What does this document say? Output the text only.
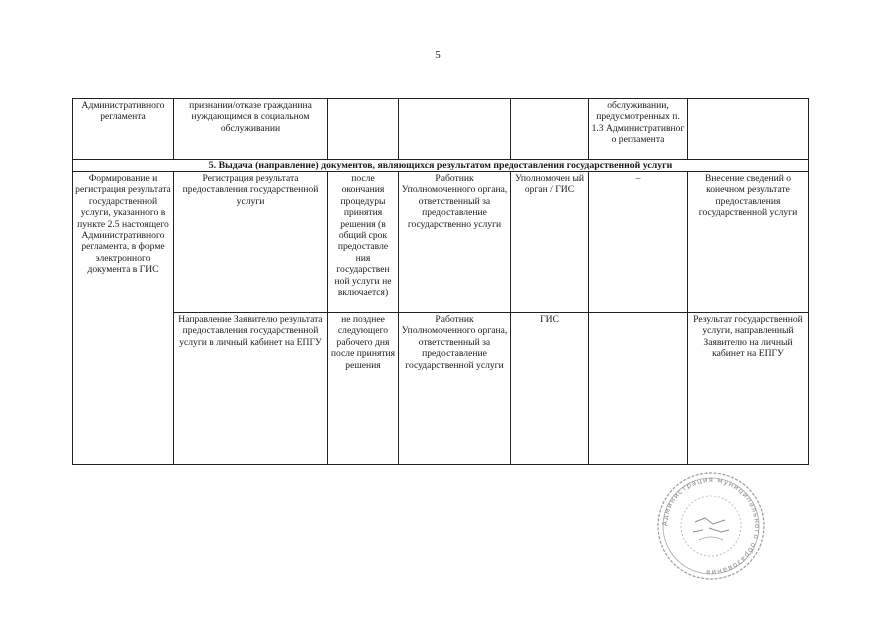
5
Административного регламента	признании/отказе гражданина нуждающимся в социальном обслуживании				обслуживании, предусмотренных п. 1.3 Административног о регламента	
5. Выдача (направление) документов, являющихся результатом предоставления государственной услуги						
Формирование и регистрация результата государственной услуги, указанного в пункте 2.5 настоящего Административного регламента, в форме электронного документа в ГИС	Регистрация результата предоставления государственной услуги	после окончания процедуры принятия решения (в общий срок предоставле ния государствен ной услуги не включается)	Работник Уполномоченного органа, ответственный за предоставление государственно услуги	Уполномочен ый орган / ГИС	–	Внесение сведений о конечном результате предоставления государственной услуги
	Направление Заявителю результата предоставления государственной услуги в личный кабинет на ЕПГУ	не позднее следующего рабочего дня после принятия решения	Работник Уполномоченного органа, ответственный за предоставление государственной услуги	ГИС		Результат государственной услуги, направленный Заявителю на личный кабинет на ЕПГУ
Администрация муниципального образования
